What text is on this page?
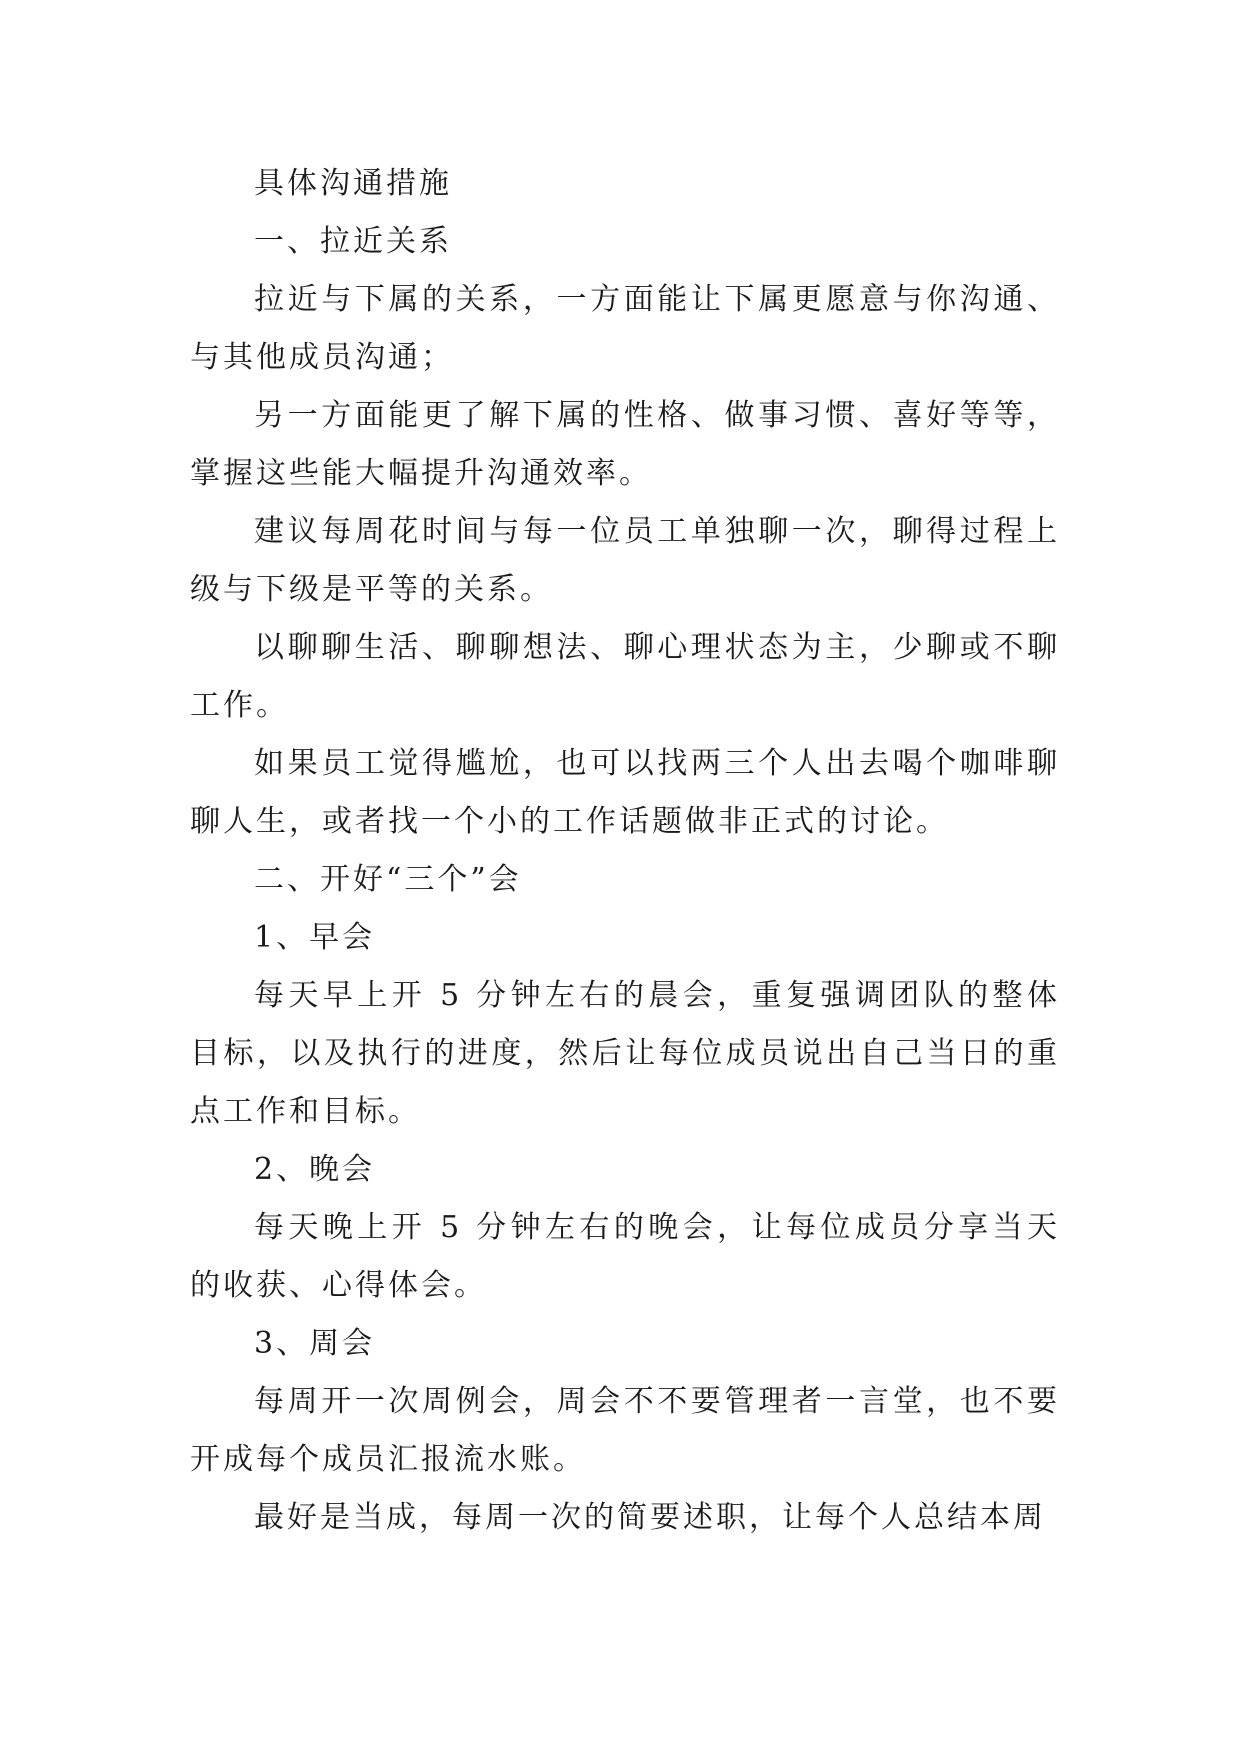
具体沟通措施

一、拉近关系

拉近与下属的关系，一方面能让下属更愿意与你沟通、与其他成员沟通；

另一方面能更了解下属的性格、做事习惯、喜好等等，掌握这些能大幅提升沟通效率。

建议每周花时间与每一位员工单独聊一次，聊得过程上级与下级是平等的关系。

以聊聊生活、聊聊想法、聊心理状态为主，少聊或不聊工作。

如果员工觉得尴尬，也可以找两三个人出去喝个咖啡聊聊人生，或者找一个小的工作话题做非正式的讨论。

二、开好“三个”会

1、早会

每天早上开 5 分钟左右的晨会，重复强调团队的整体目标，以及执行的进度，然后让每位成员说出自己当日的重点工作和目标。

2、晚会

每天晚上开 5 分钟左右的晚会，让每位成员分享当天的收获、心得体会。

3、周会

每周开一次周例会，周会不不要管理者一言堂，也不要开成每个成员汇报流水账。

最好是当成，每周一次的简要述职，让每个人总结本周
